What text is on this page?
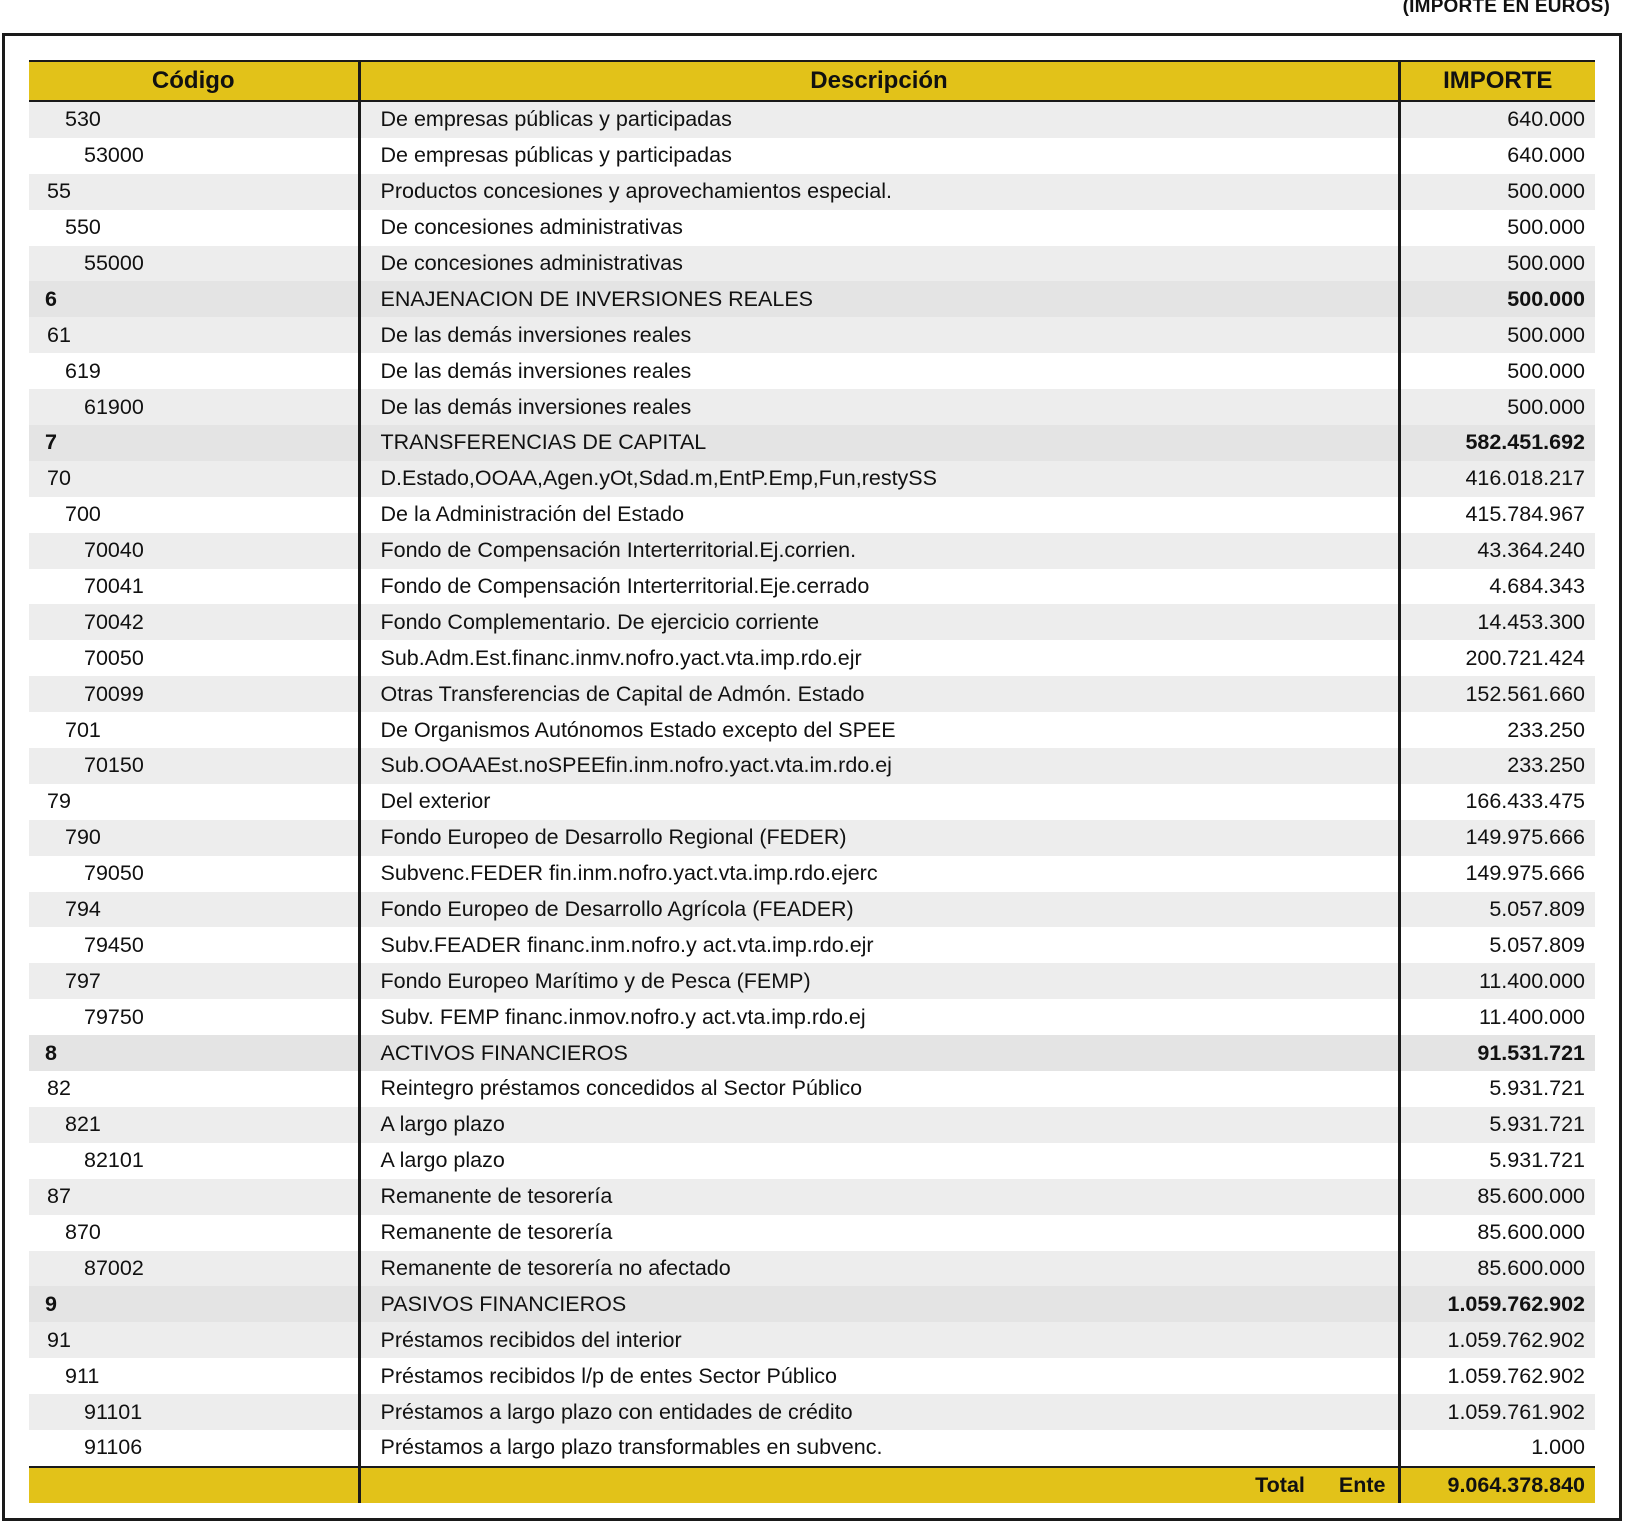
(IMPORTE EN EUROS)
Código	Descripción	IMPORTE
530	De empresas públicas y participadas	640.000
53000	De empresas públicas y participadas	640.000
55	Productos concesiones y aprovechamientos especial.	500.000
550	De concesiones administrativas	500.000
55000	De concesiones administrativas	500.000
6	ENAJENACION DE INVERSIONES REALES	500.000
61	De las demás inversiones reales	500.000
619	De las demás inversiones reales	500.000
61900	De las demás inversiones reales	500.000
7	TRANSFERENCIAS DE CAPITAL	582.451.692
70	D.Estado,OOAA,Agen.yOt,Sdad.m,EntP.Emp,Fun,restySS	416.018.217
700	De la Administración del Estado	415.784.967
70040	Fondo de Compensación Interterritorial.Ej.corrien.	43.364.240
70041	Fondo de Compensación Interterritorial.Eje.cerrado	4.684.343
70042	Fondo Complementario. De ejercicio corriente	14.453.300
70050	Sub.Adm.Est.financ.inmv.nofro.yact.vta.imp.rdo.ejr	200.721.424
70099	Otras Transferencias de Capital de Admón. Estado	152.561.660
701	De Organismos Autónomos Estado excepto del SPEE	233.250
70150	Sub.OOAAEst.noSPEEfin.inm.nofro.yact.vta.im.rdo.ej	233.250
79	Del exterior	166.433.475
790	Fondo Europeo de Desarrollo Regional (FEDER)	149.975.666
79050	Subvenc.FEDER fin.inm.nofro.yact.vta.imp.rdo.ejerc	149.975.666
794	Fondo Europeo de Desarrollo Agrícola (FEADER)	5.057.809
79450	Subv.FEADER financ.inm.nofro.y act.vta.imp.rdo.ejr	5.057.809
797	Fondo Europeo Marítimo y de Pesca (FEMP)	11.400.000
79750	Subv. FEMP financ.inmov.nofro.y act.vta.imp.rdo.ej	11.400.000
8	ACTIVOS FINANCIEROS	91.531.721
82	Reintegro préstamos concedidos al Sector Público	5.931.721
821	A largo plazo	5.931.721
82101	A largo plazo	5.931.721
87	Remanente de tesorería	85.600.000
870	Remanente de tesorería	85.600.000
87002	Remanente de tesorería no afectado	85.600.000
9	PASIVOS FINANCIEROS	1.059.762.902
91	Préstamos recibidos del interior	1.059.762.902
911	Préstamos recibidos l/p de entes Sector Público	1.059.762.902
91101	Préstamos a largo plazo con entidades de crédito	1.059.761.902
91106	Préstamos a largo plazo transformables en subvenc.	1.000
	Total Ente	9.064.378.840
